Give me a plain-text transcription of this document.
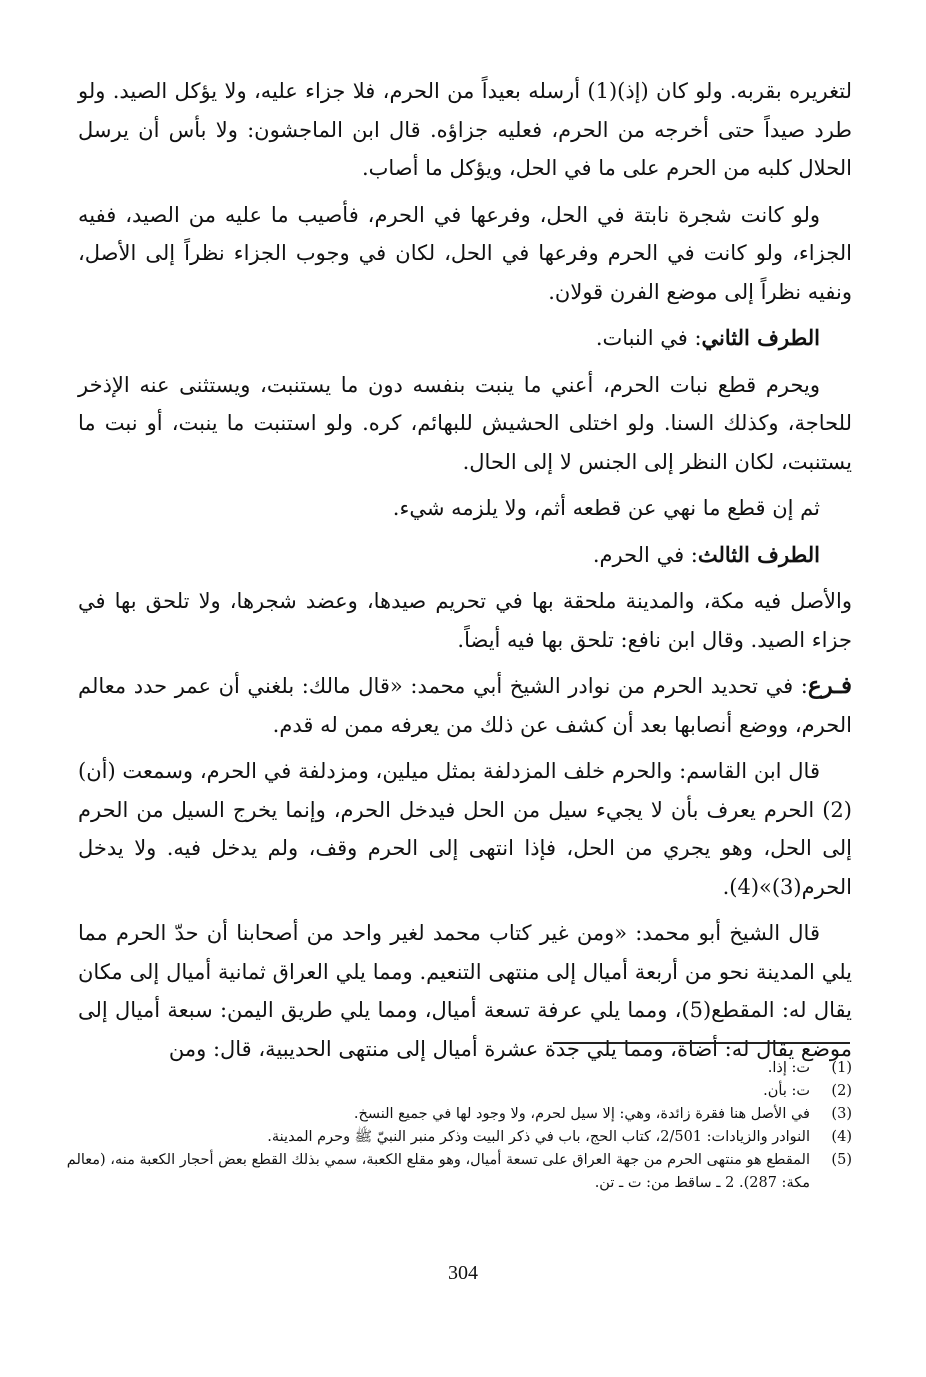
لتغريره بقربه. ولو كان (إذ)(1) أرسله بعيداً من الحرم، فلا جزاء عليه، ولا يؤكل الصيد. ولو طرد صيداً حتى أخرجه من الحرم، فعليه جزاؤه. قال ابن الماجشون: ولا بأس أن يرسل الحلال كلبه من الحرم على ما في الحل، ويؤكل ما أصاب.

ولو كانت شجرة نابتة في الحل، وفرعها في الحرم، فأصيب ما عليه من الصيد، ففيه الجزاء، ولو كانت في الحرم وفرعها في الحل، لكان في وجوب الجزاء نظراً إلى الأصل، ونفيه نظراً إلى موضع الفرن قولان.

الطرف الثاني: في النبات.

ويحرم قطع نبات الحرم، أعني ما ينبت بنفسه دون ما يستنبت، ويستثنى عنه الإذخر للحاجة، وكذلك السنا. ولو اختلى الحشيش للبهائم، كره. ولو استنبت ما ينبت، أو نبت ما يستنبت، لكان النظر إلى الجنس لا إلى الحال.

ثم إن قطع ما نهي عن قطعه أثم، ولا يلزمه شيء.

الطرف الثالث: في الحرم.

والأصل فيه مكة، والمدينة ملحقة بها في تحريم صيدها، وعضد شجرها، ولا تلحق بها في جزاء الصيد. وقال ابن نافع: تلحق بها فيه أيضاً.

فـرع: في تحديد الحرم من نوادر الشيخ أبي محمد: «قال مالك: بلغني أن عمر حدد معالم الحرم، ووضع أنصابها بعد أن كشف عن ذلك من يعرفه ممن له قدم.

قال ابن القاسم: والحرم خلف المزدلفة بمثل ميلين، ومزدلفة في الحرم، وسمعت (أن)(2) الحرم يعرف بأن لا يجيء سيل من الحل فيدخل الحرم، وإنما يخرج السيل من الحرم إلى الحل، وهو يجري من الحل، فإذا انتهى إلى الحرم وقف، ولم يدخل فيه. ولا يدخل الحرم(3)»(4).

قال الشيخ أبو محمد: «ومن غير كتاب محمد لغير واحد من أصحابنا أن حدّ الحرم مما يلي المدينة نحو من أربعة أميال إلى منتهى التنعيم. ومما يلي العراق ثمانية أميال إلى مكان يقال له: المقطع(5)، ومما يلي عرفة تسعة أميال، ومما يلي طريق اليمن: سبعة أميال إلى موضع يقال له: أضاة، ومما يلي جدة عشرة أميال إلى منتهى الحديبية، قال: ومن

(1)
ت: إذا.
(2)
ت: بأن.
(3)
في الأصل هنا فقرة زائدة، وهي: إلا سيل لحرم، ولا وجود لها في جميع النسخ.
(4)
النوادر والزيادات: 2/501، كتاب الحج، باب في ذكر البيت وذكر منبر النبيّ ﷺ وحرم المدينة.
(5)
المقطع هو منتهى الحرم من جهة العراق على تسعة أميال، وهو مقلع الكعبة، سمي بذلك القطع بعض أحجار الكعبة منه، (معالم مكة: 287). 2 ـ ساقط من: ت ـ تن.
304
